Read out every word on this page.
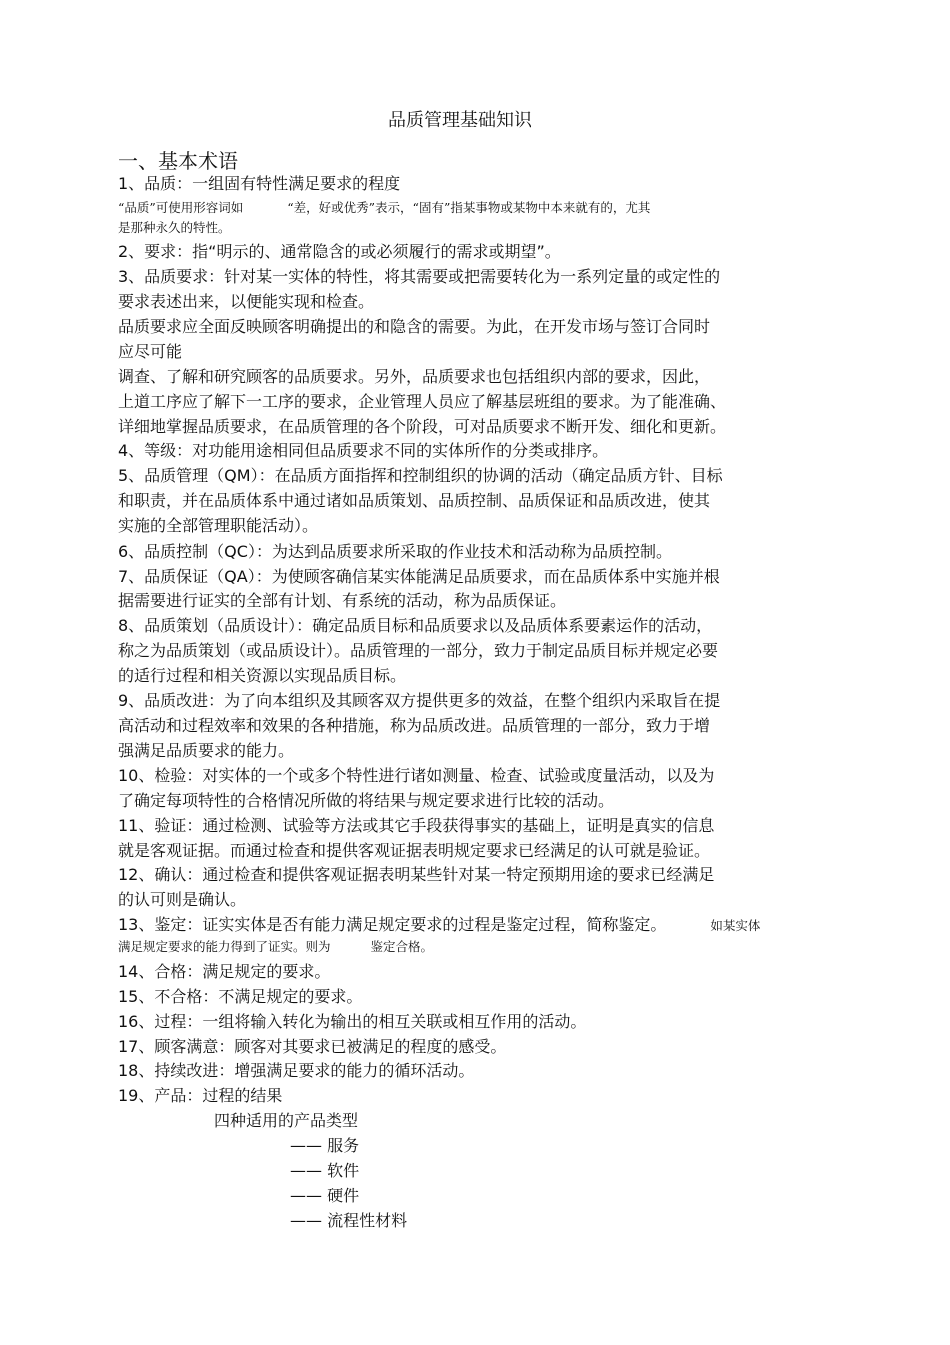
品质管理基础知识
一、基本术语
1、品质：一组固有特性满足要求的程度
“品质”可使用形容词如	“差，好或优秀”表示，“固有”指某事物或某物中本来就有的，尤其
是那种永久的特性。
2、要求：指“明示的、通常隐含的或必须履行的需求或期望”。
3、品质要求：针对某一实体的特性，将其需要或把需要转化为一系列定量的或定性的
要求表述出来，以便能实现和检查。
品质要求应全面反映顾客明确提出的和隐含的需要。为此，在开发市场与签订合同时
应尽可能
调查、了解和研究顾客的品质要求。另外，品质要求也包括组织内部的要求，因此，
上道工序应了解下一工序的要求，企业管理人员应了解基层班组的要求。为了能准确、
详细地掌握品质要求，在品质管理的各个阶段，可对品质要求不断开发、细化和更新。
4、等级：对功能用途相同但品质要求不同的实体所作的分类或排序。
5、品质管理（QM）：在品质方面指挥和控制组织的协调的活动（确定品质方针、目标
和职责，并在品质体系中通过诸如品质策划、品质控制、品质保证和品质改进，使其
实施的全部管理职能活动）。
6、品质控制（QC）：为达到品质要求所采取的作业技术和活动称为品质控制。
7、品质保证（QA）：为使顾客确信某实体能满足品质要求，而在品质体系中实施并根
据需要进行证实的全部有计划、有系统的活动，称为品质保证。
8、品质策划（品质设计）：确定品质目标和品质要求以及品质体系要素运作的活动，
称之为品质策划（或品质设计）。品质管理的一部分，致力于制定品质目标并规定必要
的适行过程和相关资源以实现品质目标。
9、品质改进：为了向本组织及其顾客双方提供更多的效益，在整个组织内采取旨在提
高活动和过程效率和效果的各种措施，称为品质改进。品质管理的一部分，致力于增
强满足品质要求的能力。
10、检验：对实体的一个或多个特性进行诸如测量、检查、试验或度量活动，以及为
了确定每项特性的合格情况所做的将结果与规定要求进行比较的活动。
11、验证：通过检测、试验等方法或其它手段获得事实的基础上，证明是真实的信息
就是客观证据。而通过检查和提供客观证据表明规定要求已经满足的认可就是验证。
12、确认：通过检查和提供客观证据表明某些针对某一特定预期用途的要求已经满足
的认可则是确认。
13、鉴定：证实实体是否有能力满足规定要求的过程是鉴定过程，简称鉴定。	如某实体
满足规定要求的能力得到了证实。则为	鉴定合格。
14、合格：满足规定的要求。
15、不合格：不满足规定的要求。
16、过程：一组将输入转化为输出的相互关联或相互作用的活动。
17、顾客满意：顾客对其要求已被满足的程度的感受。
18、持续改进：增强满足要求的能力的循环活动。
19、产品：过程的结果
四种适用的产品类型
—— 服务
—— 软件
—— 硬件
—— 流程性材料
